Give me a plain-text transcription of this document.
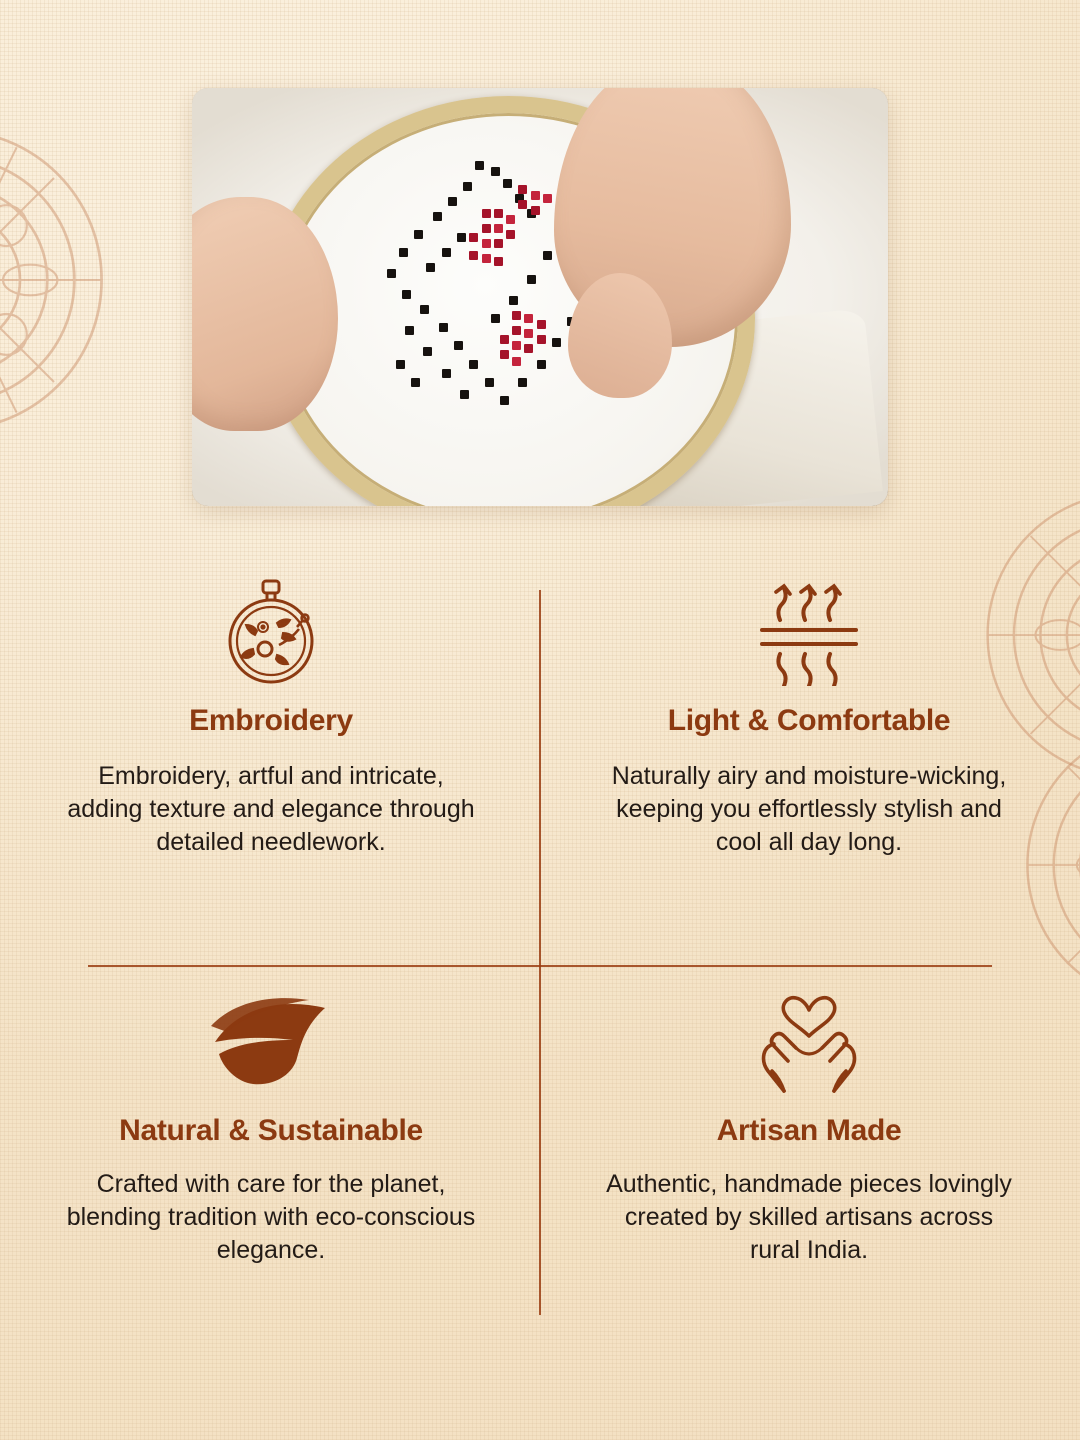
Embroidery
Embroidery, artful and intricate, adding texture and elegance through detailed needlework.
Light & Comfortable
Naturally airy and moisture-wicking, keeping you effortlessly stylish and cool all day long.
Natural & Sustainable
Crafted with care for the planet, blending tradition with eco-conscious elegance.
Artisan Made
Authentic, handmade pieces lovingly created by skilled artisans across rural India.
